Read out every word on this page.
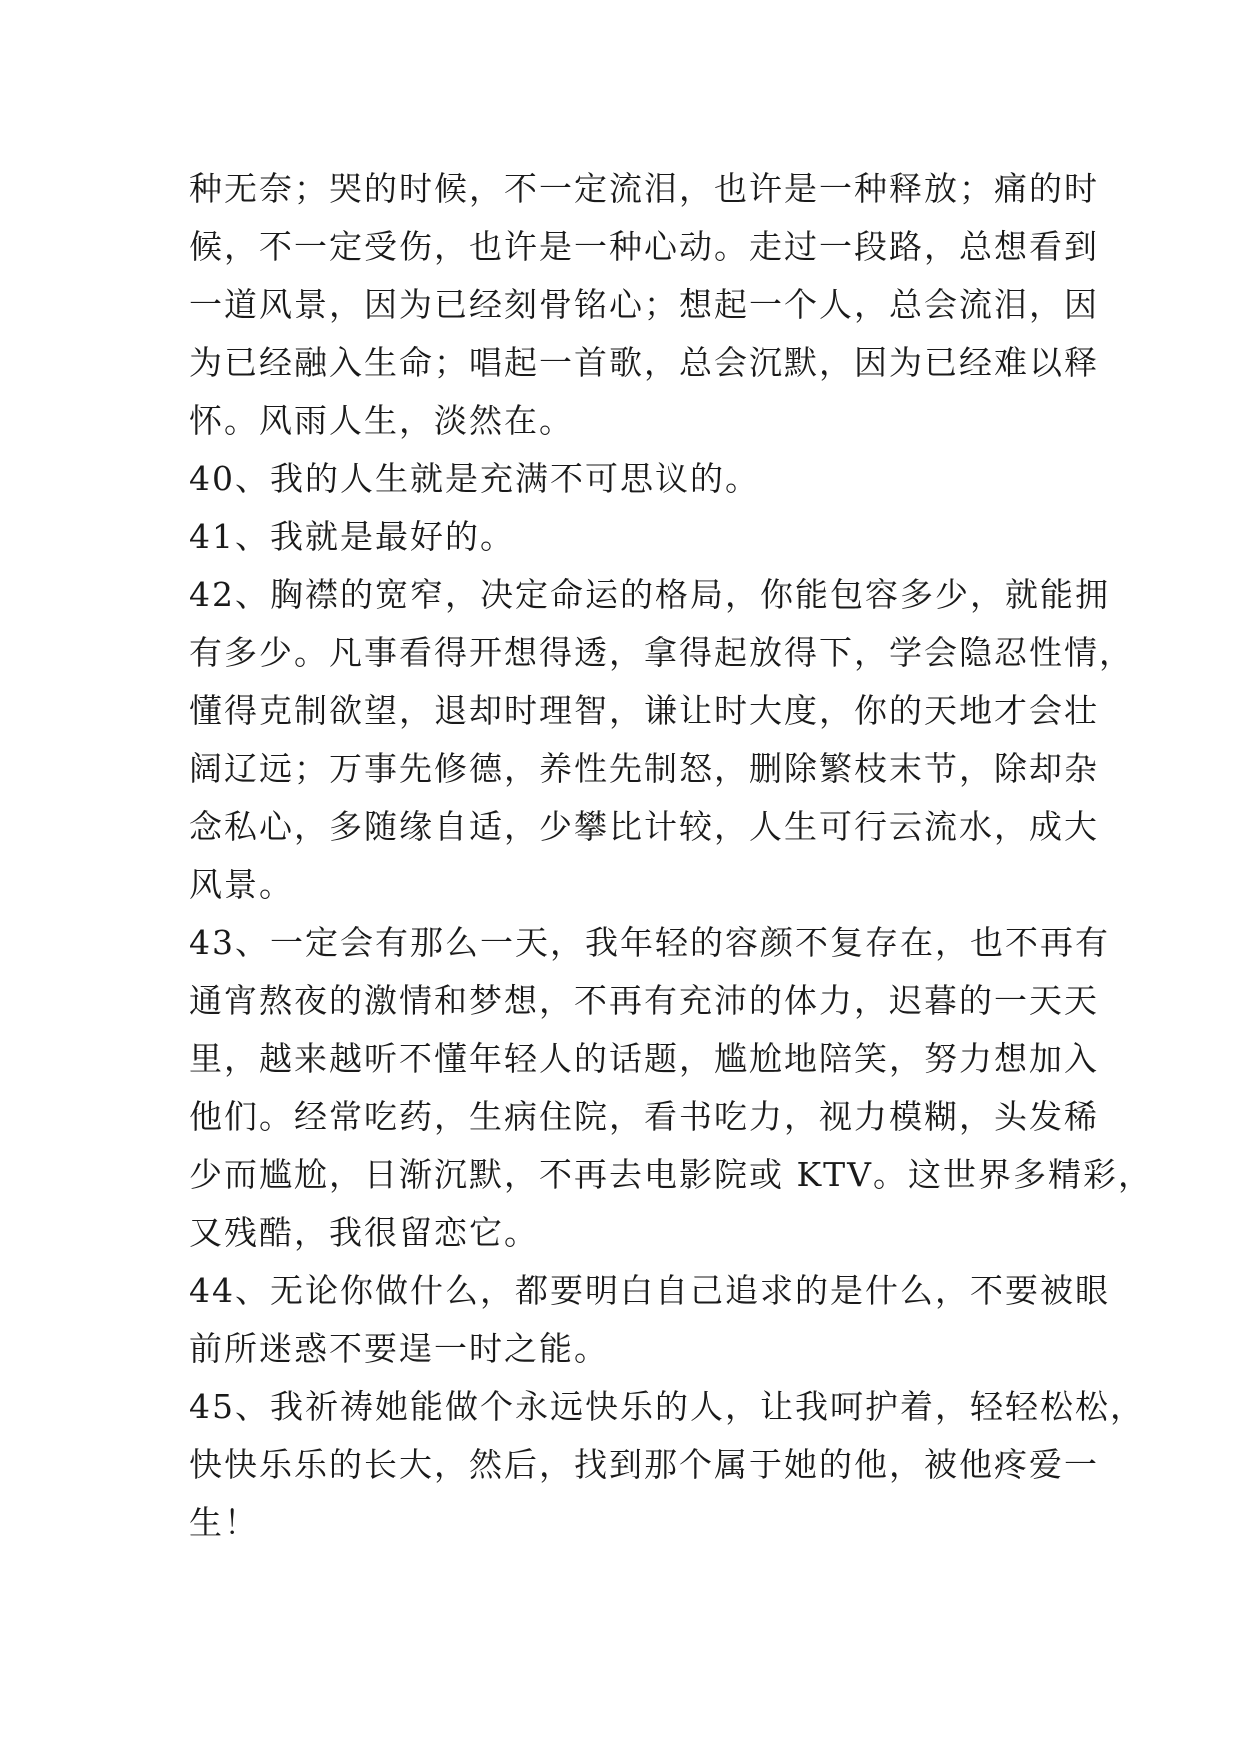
种无奈；哭的时候，不一定流泪，也许是一种释放；痛的时
候，不一定受伤，也许是一种心动。走过一段路，总想看到
一道风景，因为已经刻骨铭心；想起一个人，总会流泪，因
为已经融入生命；唱起一首歌，总会沉默，因为已经难以释
怀。风雨人生，淡然在。
40、我的人生就是充满不可思议的。
41、我就是最好的。
42、胸襟的宽窄，决定命运的格局，你能包容多少，就能拥
有多少。凡事看得开想得透，拿得起放得下，学会隐忍性情，
懂得克制欲望，退却时理智，谦让时大度，你的天地才会壮
阔辽远；万事先修德，养性先制怒，删除繁枝末节，除却杂
念私心，多随缘自适，少攀比计较，人生可行云流水，成大
风景。
43、一定会有那么一天，我年轻的容颜不复存在，也不再有
通宵熬夜的激情和梦想，不再有充沛的体力，迟暮的一天天
里，越来越听不懂年轻人的话题，尴尬地陪笑，努力想加入
他们。经常吃药，生病住院，看书吃力，视力模糊，头发稀
少而尴尬，日渐沉默，不再去电影院或 KTV。这世界多精彩，
又残酷，我很留恋它。
44、无论你做什么，都要明白自己追求的是什么，不要被眼
前所迷惑不要逞一时之能。
45、我祈祷她能做个永远快乐的人，让我呵护着，轻轻松松，
快快乐乐的长大，然后，找到那个属于她的他，被他疼爱一
生！
